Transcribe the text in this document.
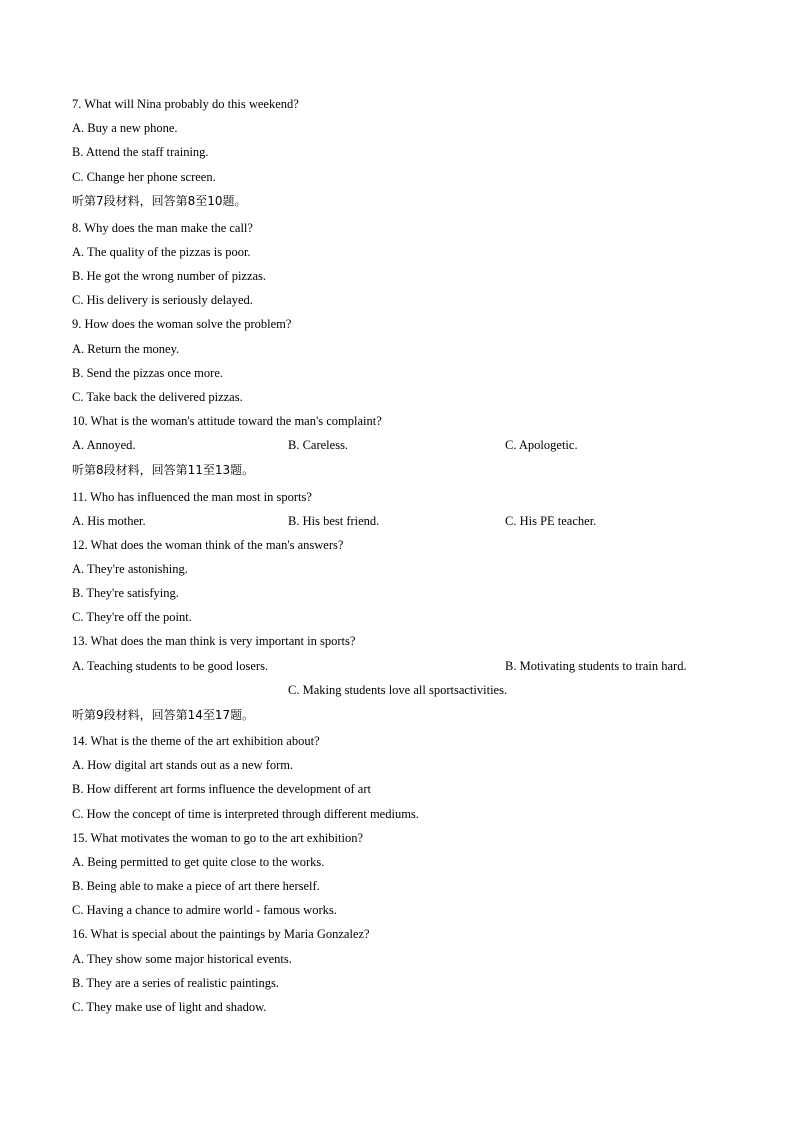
7. What will Nina probably do this weekend?
A. Buy a new phone.
B. Attend the staff training.
C. Change her phone screen.
听第7段材料，回答第8至10题。
8. Why does the man make the call?
A. The quality of the pizzas is poor.
B. He got the wrong number of pizzas.
C. His delivery is seriously delayed.
9. How does the woman solve the problem?
A. Return the money.
B. Send the pizzas once more.
C. Take back the delivered pizzas.
10. What is the woman's attitude toward the man's complaint?
A. Annoyed.	B. Careless.	C. Apologetic.
听第8段材料，回答第11至13题。
11. Who has influenced the man most in sports?
A. His mother.	B. His best friend.	C. His PE teacher.
12. What does the woman think of the man's answers?
A. They're astonishing.
B. They're satisfying.
C. They're off the point.
13. What does the man think is very important in sports?
A. Teaching students to be good losers.	B. Motivating students to train hard.
C. Making students love all sportsactivities.
听第9段材料，回答第14至17题。
14. What is the theme of the art exhibition about?
A. How digital art stands out as a new form.
B. How different art forms influence the development of art
C. How the concept of time is interpreted through different mediums.
15. What motivates the woman to go to the art exhibition?
A. Being permitted to get quite close to the works.
B. Being able to make a piece of art there herself.
C. Having a chance to admire world - famous works.
16. What is special about the paintings by Maria Gonzalez?
A. They show some major historical events.
B. They are a series of realistic paintings.
C. They make use of light and shadow.
